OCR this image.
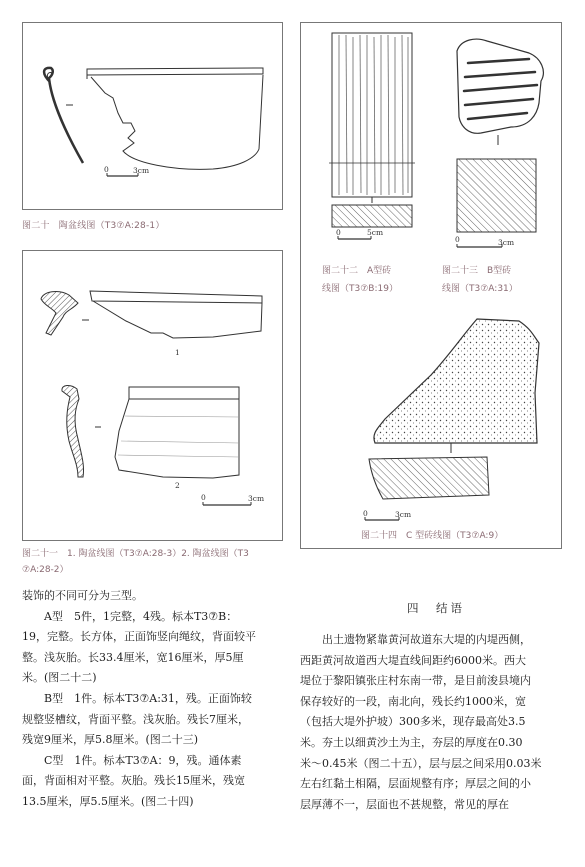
0	3cm
图二十　陶盆线图（T3⑦A:28-1）
1
2
0	3cm
图二十一　1. 陶盆线图（T3⑦A:28-3）2. 陶盆线图（T3
⑦A:28-2）
0	5cm
0	3cm
0	3cm
图二十二　A型砖
线图（T3⑦B:19）
图二十三　B型砖
线图（T3⑦A:31）
图二十四　C 型砖线图（T3⑦A:9）

装饰的不同可分为三型。

A型　5件，1完整，4残。标本T3⑦B：

19，完整。长方体，正面饰竖向绳纹，背面较平

整。浅灰胎。长33.4厘米，宽16厘米，厚5厘

米。(图二十二)

B型　1件。标本T3⑦A:31，残。正面饰较

规整竖槽纹，背面平整。浅灰胎。残长7厘米，

残宽9厘米，厚5.8厘米。(图二十三)

C型　1件。标本T3⑦A：9，残。通体素

面，背面相对平整。灰胎。残长15厘米，残宽

13.5厘米，厚5.5厘米。(图二十四)

四　结语

出土遗物紧靠黄河故道东大堤的内堤西侧，

西距黄河故道西大堤直线间距约6000米。西大

堤位于黎阳镇张庄村东南一带，是目前浚县境内

保存较好的一段，南北向，残长约1000米，宽

（包括大堤外护坡）300多米，现存最高处3.5

米。夯土以细黄沙土为主，夯层的厚度在0.30

米～0.45米（图二十五），层与层之间采用0.03米

左右红黏土相隔，层面规整有序；厚层之间的小

层厚薄不一，层面也不甚规整，常见的厚在
